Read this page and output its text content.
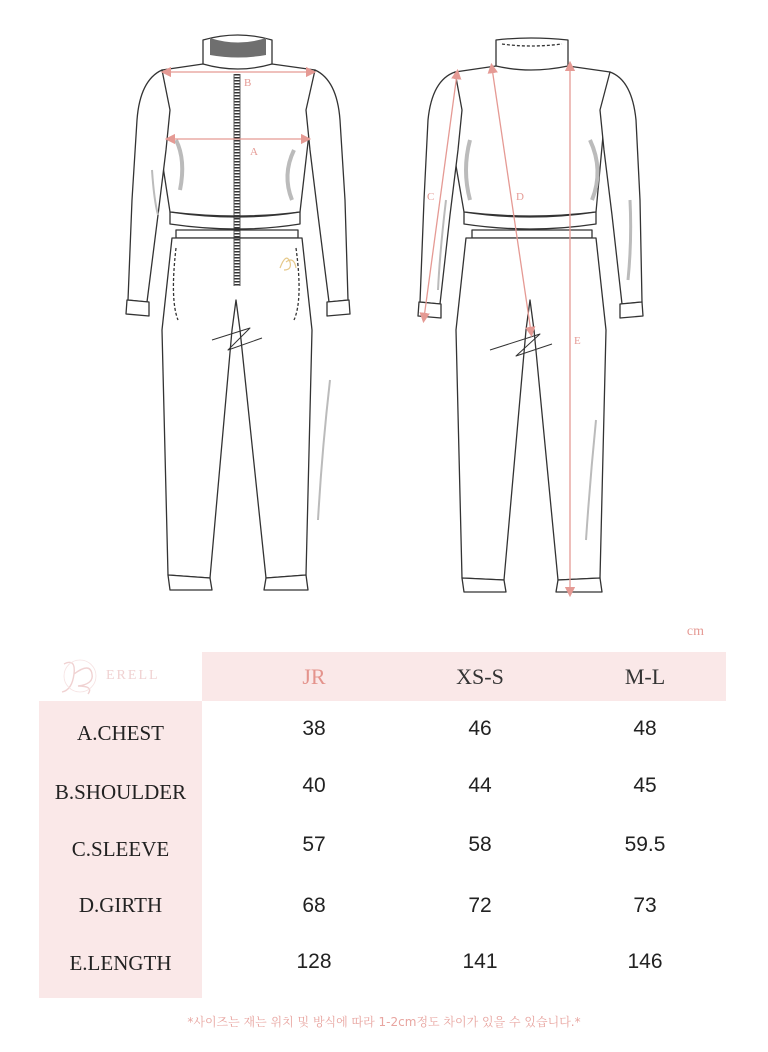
B
A
C	D
E
cm
ERELL	JR	XS-S	M-L
A.CHEST	38	46	48
B.SHOULDER	40	44	45
C.SLEEVE	57	58	59.5
D.GIRTH	68	72	73
E.LENGTH	128	141	146
*사이즈는 재는 위치 및 방식에 따라 1-2cm정도 차이가 있을 수 있습니다.*
